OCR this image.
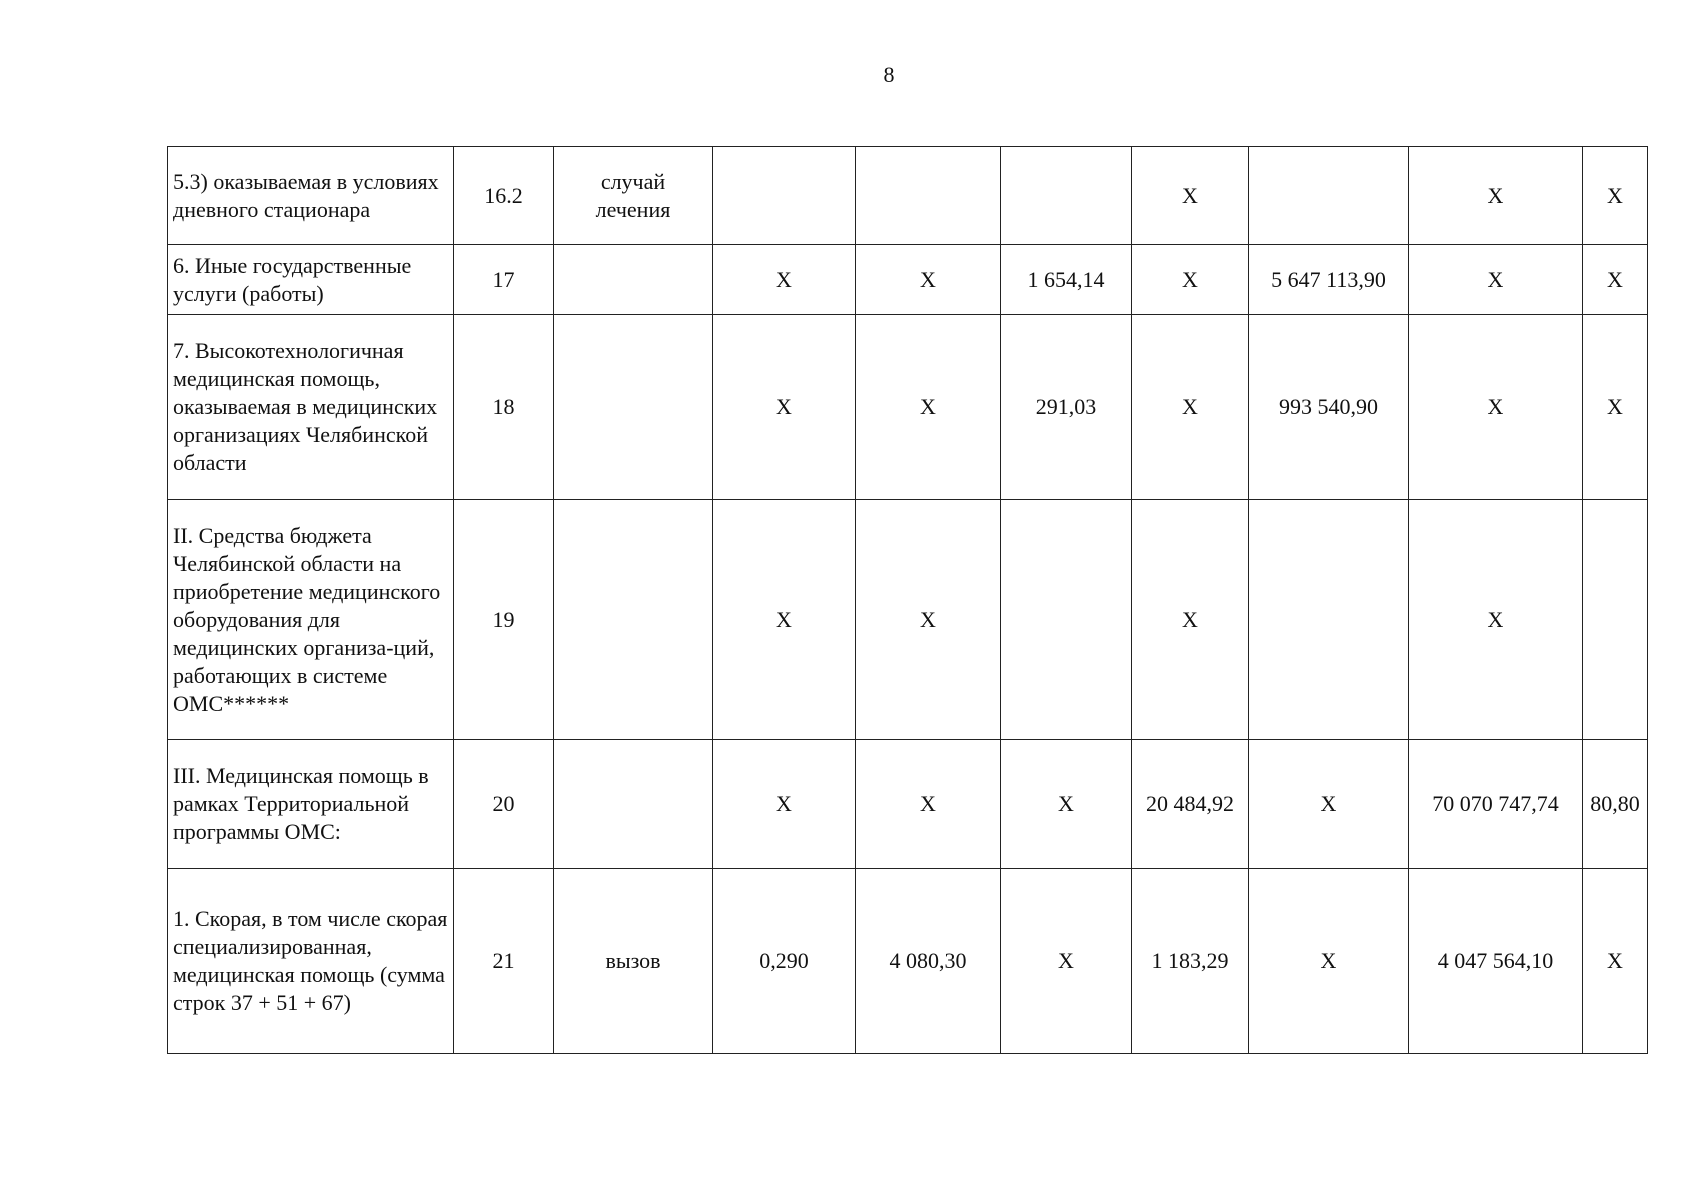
8
5.3) оказываемая в условиях дневного стационара	16.2	случай лечения				X		X	X
6. Иные государственные услуги (работы)	17		X	X	1 654,14	X	5 647 113,90	X	X
7. Высокотехнологичная медицинская помощь, оказываемая в медицинских организациях Челябинской области	18		X	X	291,03	X	993 540,90	X	X
II. Средства бюджета Челябинской области на приобретение медицинского оборудования для медицинских организа-ций, работающих в системе ОМС******	19		X	X		X		X	
III. Медицинская помощь в рамках Территориальной программы ОМС:	20		X	X	X	20 484,92	X	70 070 747,74	80,80
1. Скорая, в том числе скорая специализированная, медицинская помощь (сумма строк 37 + 51 + 67)	21	вызов	0,290	4 080,30	X	1 183,29	X	4 047 564,10	X
